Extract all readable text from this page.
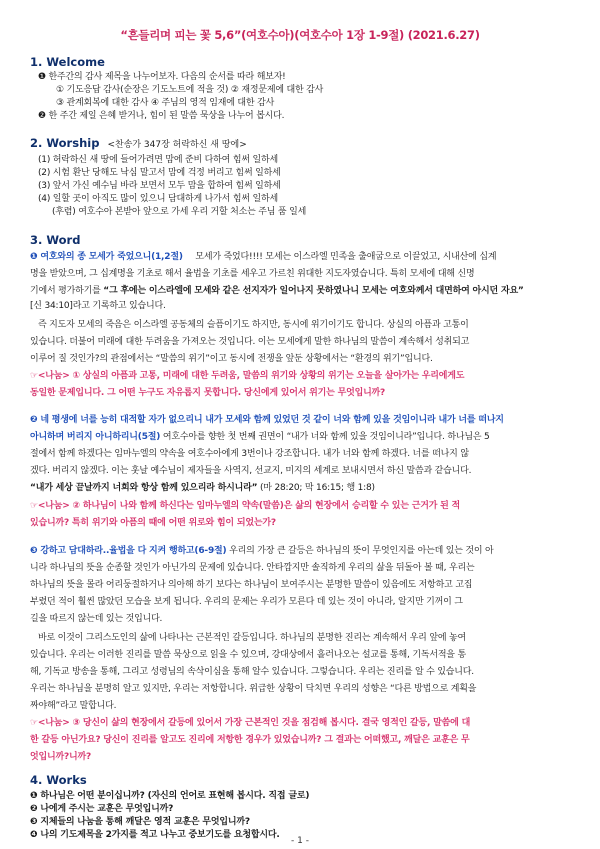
“흔들리며 피는 꽃 5,6”(여호수아)(여호수아 1장 1-9절) (2021.6.27)
1. Welcome
❶ 한주간의 감사 제목을 나누어보자. 다음의 순서를 따라 해보자!
① 기도응답 감사(순장은 기도노트에 적을 것) ② 재정문제에 대한 감사
③ 관계회복에 대한 감사 ④ 주님의 영적 임재에 대한 감사
❷ 한 주간 제일 은혜 받거나, 힘이 된 말씀 묵상을 나누어 봅시다.
2. Worship <찬송가 347장 허락하신 새 땅에>
(1) 허락하신 새 땅에 들어가려면 맘에 준비 다하여 힘써 일하세
(2) 시험 환난 당해도 낙심 말고서 맘에 걱정 버리고 힘써 일하세
(3) 앞서 가신 예수님 바라 보면서 모두 맘을 합하여 힘써 일하세
(4) 일할 곳이 아직도 많이 있으니 담대하게 나가서 힘써 일하세
(후렴) 여호수아 본받아 앞으로 가세 우리 거할 처소는 주님 품 일세
3. Word
❶ 여호와의 종 모세가 죽었으니(1,2절) 모세가 죽었다!!!! 모세는 이스라엘 민족을 출애굽으로 이끌었고, 시내산에 십계
명을 받았으며, 그 십계명을 기초로 해서 율법을 기초를 세우고 가르친 위대한 지도자였습니다. 특히 모세에 대해 신명
기에서 평가하기를 “그 후에는 이스라엘에 모세와 같은 선지자가 일어나지 못하였나니 모세는 여호와께서 대면하여 아시던 자요”
[신 34:10]라고 기록하고 있습니다.
즉 지도자 모세의 죽음은 이스라엘 공동체의 슬픔이기도 하지만, 동시에 위기이기도 합니다. 상실의 아픔과 고통이
있습니다. 더불어 미래에 대한 두려움을 가져오는 것입니다. 이는 모세에게 말한 하나님의 말씀이 계속해서 성취되고
이루어 질 것인가?의 관점에서는 “말씀의 위기”이고 동시에 전쟁을 앞둔 상황에서는 “환경의 위기”입니다.
☞<나눔> ① 상실의 아픔과 고통, 미래에 대한 두려움, 말씀의 위기와 상황의 위기는 오늘을 살아가는 우리에게도
동일한 문제입니다. 그 어떤 누구도 자유롭지 못합니다. 당신에게 있어서 위기는 무엇입니까?
❷ 네 평생에 너를 능히 대적할 자가 없으리니 내가 모세와 함께 있었던 것 같이 너와 함께 있을 것임이니라 내가 너를 떠나지
아니하며 버리지 아니하리니(5절) 여호수아를 향한 첫 번째 권면이 “내가 너와 함께 있을 것임이니라”입니다. 하나님은 5
절에서 함께 하겠다는 임마누엘의 약속을 여호수아에게 3번이나 강조합니다. 내가 너와 함께 하겠다. 너를 떠나지 않
겠다. 버리지 않겠다. 이는 훗날 예수님이 제자들을 사역지, 선교지, 미지의 세계로 보내시면서 하신 말씀과 같습니다.
“내가 세상 끝날까지 너희와 항상 함께 있으리라 하시니라” (마 28:20; 막 16:15; 행 1:8)
☞<나눔> ② 하나님이 나와 함께 하신다는 임마누엘의 약속(말씀)은 삶의 현장에서 승리할 수 있는 근거가 된 적
있습니까? 특히 위기와 아픔의 때에 어떤 위로와 힘이 되었는가?
❸ 강하고 담대하라..율법을 다 지켜 행하고(6-9절) 우리의 가장 큰 갈등은 하나님의 뜻이 무엇인지를 아는데 있는 것이 아
니라 하나님의 뜻을 순종할 것인가 아닌가의 문제에 있습니다. 안타깝지만 솔직하게 우리의 삶을 뒤돌아 볼 때, 우리는
하나님의 뜻을 몰라 어리둥절하거나 의아해 하기 보다는 하나님이 보여주시는 분명한 말씀이 있음에도 저항하고 고집
부렸던 적이 훨씬 많았던 모습을 보게 됩니다. 우리의 문제는 우리가 모른다 데 있는 것이 아니라, 알지만 기꺼이 그
길을 따르지 않는데 있는 것입니다.
바로 이것이 그리스도인의 삶에 나타나는 근본적인 갈등입니다. 하나님의 분명한 진리는 계속해서 우리 앞에 놓여
있습니다. 우리는 이러한 진리를 말씀 묵상으로 읽을 수 있으며, 강대상에서 흘러나오는 설교를 통해, 기독서적을 통
해, 기독교 방송을 통해, 그리고 성령님의 속삭이심을 통해 알수 있습니다. 그렇습니다. 우리는 진리를 알 수 있습니다.
우리는 하나님을 분명히 알고 있지만, 우리는 저항합니다. 위급한 상황이 닥치면 우리의 성향은 “다른 방법으로 계획을
짜야해”라고 말합니다.
☞<나눔> ③ 당신이 삶의 현장에서 갈등에 있어서 가장 근본적인 것을 점검해 봅시다. 결국 영적인 갈등, 말씀에 대
한 갈등 아닌가요? 당신이 진리를 알고도 진리에 저항한 경우가 있었습니까? 그 결과는 어떠했고, 깨달은 교훈은 무
엇입니까?니까?
4. Works
❶ 하나님은 어떤 분이십니까? (자신의 언어로 표현해 봅시다. 직접 글로)
❷ 나에게 주시는 교훈은 무엇입니까?
❸ 지체들의 나눔을 통해 깨달은 영적 교훈은 무엇입니까?
❹ 나의 기도제목을 2가지를 적고 나누고 중보기도를 요청합시다.
- 1 -
